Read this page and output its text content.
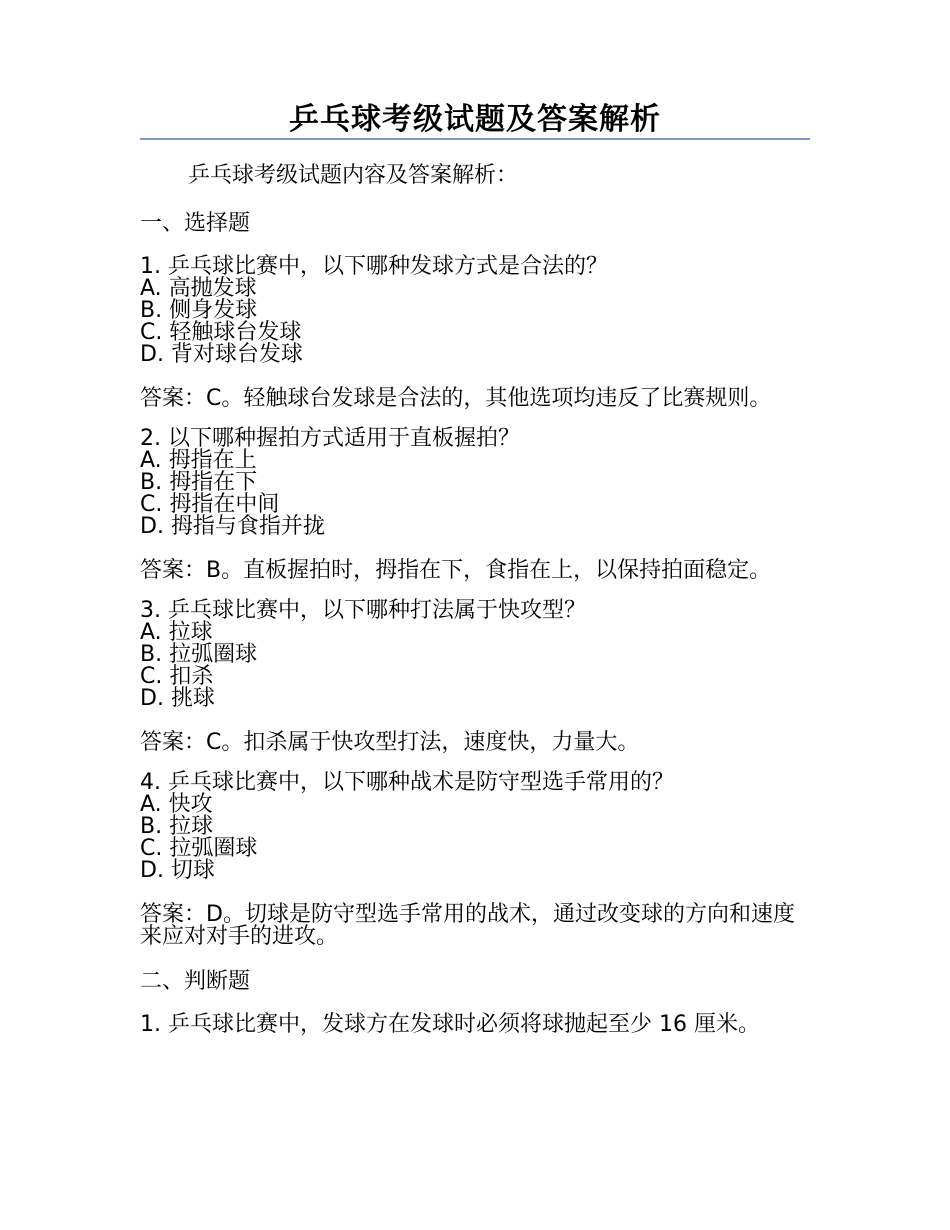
乒乓球考级试题及答案解析

乒乓球考级试题内容及答案解析：

一、选择题

1. 乒乓球比赛中，以下哪种发球方式是合法的？

A. 高抛发球

B. 侧身发球

C. 轻触球台发球

D. 背对球台发球

答案：C。轻触球台发球是合法的，其他选项均违反了比赛规则。

2. 以下哪种握拍方式适用于直板握拍？

A. 拇指在上

B. 拇指在下

C. 拇指在中间

D. 拇指与食指并拢

答案：B。直板握拍时，拇指在下，食指在上，以保持拍面稳定。

3. 乒乓球比赛中，以下哪种打法属于快攻型？

A. 拉球

B. 拉弧圈球

C. 扣杀

D. 挑球

答案：C。扣杀属于快攻型打法，速度快，力量大。

4. 乒乓球比赛中，以下哪种战术是防守型选手常用的？

A. 快攻

B. 拉球

C. 拉弧圈球

D. 切球

答案：D。切球是防守型选手常用的战术，通过改变球的方向和速度来应对对手的进攻。

二、判断题

1. 乒乓球比赛中，发球方在发球时必须将球抛起至少 16 厘米。
